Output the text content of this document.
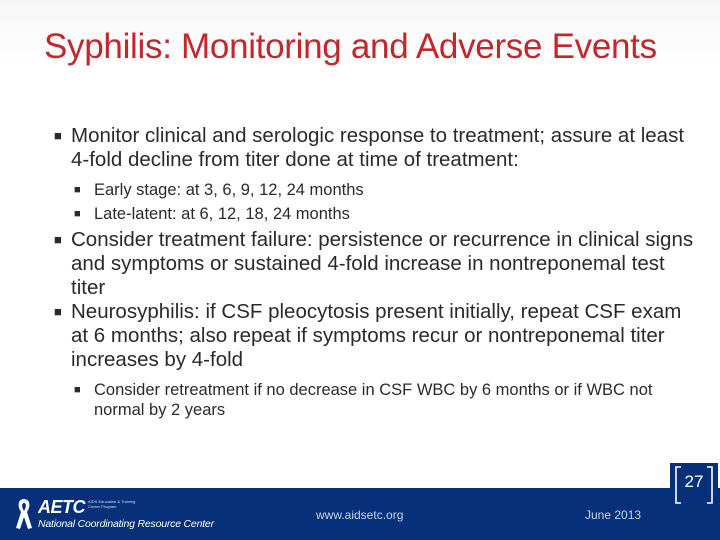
Syphilis: Monitoring and Adverse Events
■ Monitor clinical and serologic response to treatment; assure at least 4-fold decline from titer done at time of treatment:
■ Early stage: at 3, 6, 9, 12, 24 months
■ Late-latent: at 6, 12, 18, 24 months
■ Consider treatment failure: persistence or recurrence in clinical signs and symptoms or sustained 4-fold increase in nontreponemal test titer
■ Neurosyphilis: if CSF pleocytosis present initially, repeat CSF exam at 6 months; also repeat if symptoms recur or nontreponemal titer increases by 4-fold
■ Consider retreatment if no decrease in CSF WBC by 6 months or if WBC not normal by 2 years
AETC AIDS Education & Training Center Program
National Coordinating Resource Center
www.aidsetc.org	June 2013
27
